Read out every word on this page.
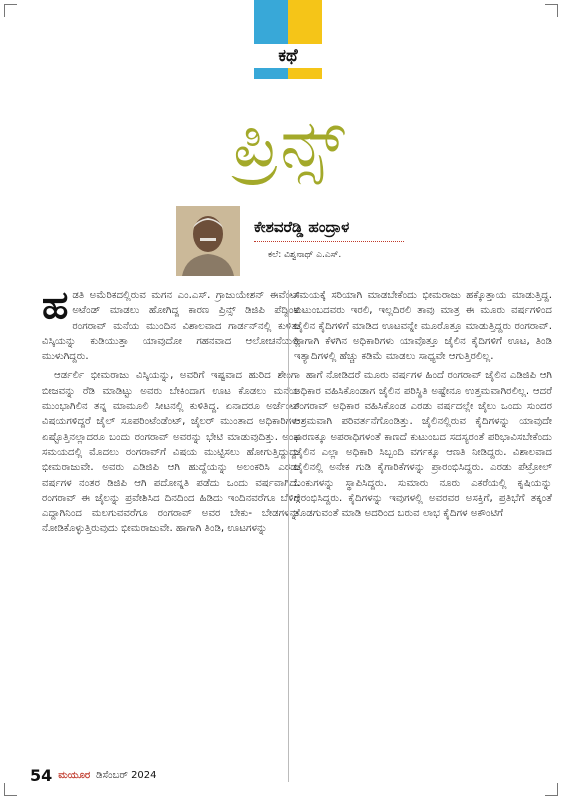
ಕಥೆ
ಪ್ರಿನ್ಸ್
ಕೇಶವರೆಡ್ಡಿ ಹಂದ್ರಾಳ
ಕಲೆ: ವಿಶ್ವನಾಥ್ ಎ.ಎಸ್.

ಹಡತಿ ಅಮೆರಿಕದಲ್ಲಿರುವ ಮಗನ ಎಂ.ಎಸ್. ಗ್ರಾಜುಯೇಶನ್ ಈವೆಂಟ್ ಅಟೆಂಡ್ ಮಾಡಲು ಹೋಗಿದ್ದ ಕಾರಣ ಪ್ರಿನ್ಸ್ ಡಿಜಿಪಿ ಪೆದ್ದಿಂಟಿ ರಂಗರಾವ್ ಮನೆಯ ಮುಂದಿನ ವಿಶಾಲವಾದ ಗಾರ್ಡನ್‌ನಲ್ಲಿ ಕುಳಿತು ವಿಸ್ಕಿಯನ್ನು ಕುಡಿಯುತ್ತಾ ಯಾವುದೋ ಗಹನವಾದ ಆಲೋಚನೆಯಲ್ಲಿ ಮುಳುಗಿದ್ದರು.

ಆರ್ಡರ್ಲಿ ಭೀಮರಾಜು ವಿಸ್ಕಿಯನ್ನು, ಅವರಿಗೆ ಇಷ್ಟವಾದ ಹುರಿದ ಶೇಂಗಾ ಬೀಜವನ್ನು ರೆಡಿ ಮಾಡಿಟ್ಟು ಅವರು ಬೇಕಿಂದಾಗ ಊಟ ಕೊಡಲು ಮನೆಯ ಮುಂಭಾಗಿಲಿನ ತನ್ನ ಮಾಮೂಲಿ ಸೀಟನಲ್ಲಿ ಕುಳಿತಿದ್ದ. ಏನಾದರೂ ಅರ್ಜೆಂಟ್ ವಿಷಯಗಳಿದ್ದರೆ ಜೈಲ್ ಸೂಪರಿಂಟೆಂಡೆಂಟ್, ಜೈಲರ್ ಮುಂತಾದ ಅಧಿಕಾರಿಗಳು ಏಷ್ಟೊತ್ತಿನಲ್ಲಾದರೂ ಬಂದು ರಂಗರಾವ್ ಅವರನ್ನು ಭೇಟಿ ಮಾಡುವುದಿತ್ತು. ಅಂಥ ಸಮಯದಲ್ಲಿ ಮೊದಲು ರಂಗರಾವ್‌ಗೆ ವಿಷಯ ಮುಟ್ಟಿಸಲು ಹೋಗುತ್ತಿದ್ದುದ್ದು ಭೀಮರಾಜುವೇ. ಅವರು ಎಡಿಜಿಪಿ ಆಗಿ ಹುದ್ದೆಯನ್ನು ಅಲಂಕರಿಸಿ ಎರಡು ವರ್ಷಗಳ ನಂತರ ಡಿಜಿಪಿ ಆಗಿ ಪದೋನ್ನತಿ ಪಡೆದು ಒಂದು ವರ್ಷವಾಗಿದೆ. ರಂಗರಾವ್ ಈ ಜೈಲನ್ನು ಪ್ರವೇಶಿಸಿದ ದಿನದಿಂದ ಹಿಡಿದು ಇಂದಿನವರೆಗೂ ಬೆಳಿಗ್ಗೆ ಎದ್ದಾಗಿನಿಂದ ಮಲಗುವವರೆಗೂ ರಂಗರಾವ್ ಅವರ ಬೇಕು- ಬೇಡಗಳನ್ನು ನೋಡಿಕೊಳ್ಳುತ್ತಿರುವುದು ಭೀಮರಾಜುವೇ. ಹಾಗಾಗಿ ತಿಂಡಿ, ಊಟಗಳನ್ನು

ಸಮಯಕ್ಕೆ ಸರಿಯಾಗಿ ಮಾಡಬೇಕೆಂದು ಭೀಮರಾಜು ಹಕ್ಕೊತ್ತಾಯ ಮಾಡುತ್ತಿದ್ದ. ಕುಟುಂಬದವರು ಇರಲಿ, ಇಲ್ಲದಿರಲಿ ತಾವು ಮಾತ್ರ ಈ ಮೂರು ವರ್ಷಗಳಿಂದ ಜೈಲಿನ ಕೈದಿಗಳಿಗೆ ಮಾಡಿದ ಊಟವನ್ನೇ ಮೂರೊತ್ತೂ ಮಾಡುತ್ತಿದ್ದರು ರಂಗರಾವ್. ಹಾಗಾಗಿ ಕೆಳಗಿನ ಅಧಿಕಾರಿಗಳು ಯಾವೊತ್ತೂ ಜೈಲಿನ ಕೈದಿಗಳಿಗೆ ಊಟ, ತಿಂಡಿ ಇತ್ಯಾದಿಗಳಲ್ಲಿ ಹೆಚ್ಚು ಕಡಿಮೆ ಮಾಡಲು ಸಾಧ್ಯವೇ ಆಗುತ್ತಿರಲಿಲ್ಲ.

ಹಾಗೆ ನೋಡಿದರೆ ಮೂರು ವರ್ಷಗಳ ಹಿಂದೆ ರಂಗರಾವ್ ಜೈಲಿನ ಎಡಿಜಿಪಿ ಆಗಿ ಅಧಿಕಾರ ವಹಿಸಿಕೊಂಡಾಗ ಜೈಲಿನ ಪರಿಸ್ಥಿತಿ ಅಷ್ಟೇನೂ ಉತ್ತಮವಾಗಿರಲಿಲ್ಲ. ಆದರೆ ರಂಗರಾವ್ ಅಧಿಕಾರ ವಹಿಸಿಕೊಂಡ ಎರಡು ವರ್ಷದಲ್ಲೇ ಜೈಲು ಒಂದು ಸುಂದರ ಆಶ್ರಮವಾಗಿ ಪರಿವರ್ತನೆಗೊಂಡಿತ್ತು. ಜೈಲಿನಲ್ಲಿರುವ ಕೈದಿಗಳನ್ನು ಯಾವುದೇ ಕಾರಣಕ್ಕೂ ಅಪರಾಧಿಗಳಂತೆ ಕಾಣದೆ ಕುಟುಂಬದ ಸದಸ್ಯರಂತೆ ಪರಿಭಾವಿಸಬೇಕೆಂದು ಜೈಲಿನ ಎಲ್ಲಾ ಅಧಿಕಾರಿ ಸಿಬ್ಬಂದಿ ವರ್ಗಕ್ಕೂ ಆಣತಿ ನೀಡಿದ್ದರು. ವಿಶಾಲವಾದ ಜೈಲಿನಲ್ಲಿ ಅನೇಕ ಗುಡಿ ಕೈಗಾರಿಕೆಗಳನ್ನು ಪ್ರಾರಂಭಿಸಿದ್ದರು. ಎರಡು ಪೆಟ್ರೋಲ್ ಬಂಕುಗಳನ್ನು ಸ್ಥಾಪಿಸಿದ್ದರು. ಸುಮಾರು ನೂರು ಎಕರೆಯಲ್ಲಿ ಕೃಷಿಯನ್ನು ಆರಂಭಿಸಿದ್ದರು. ಕೈದಿಗಳನ್ನು ಇವುಗಳಲ್ಲಿ ಅವರವರ ಅಸಕ್ತಿಗೆ, ಪ್ರತಿಭೆಗೆ ತಕ್ಕಂತೆ ತೊಡಗುವಂತೆ ಮಾಡಿ ಅದರಿಂದ ಬರುವ ಲಾಭ ಕೈದಿಗಳ ಅಕೌಂಟಿಗೆ

54 ಮಯೂರ ಡಿಸೆಂಬರ್ 2024
